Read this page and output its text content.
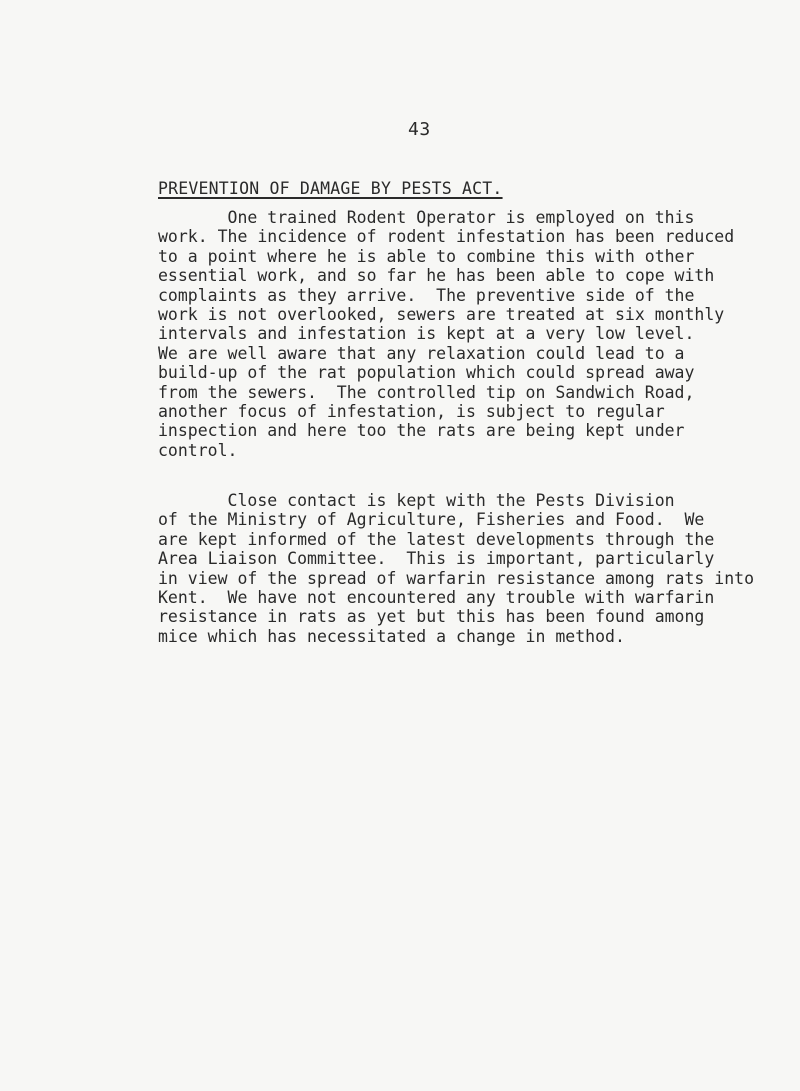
43
PREVENTION OF DAMAGE BY PESTS ACT.

One trained Rodent Operator is employed on this
work. The incidence of rodent infestation has been reduced
to a point where he is able to combine this with other
essential work, and so far he has been able to cope with
complaints as they arrive.  The preventive side of the
work is not overlooked, sewers are treated at six monthly
intervals and infestation is kept at a very low level.
We are well aware that any relaxation could lead to a
build-up of the rat population which could spread away
from the sewers.  The controlled tip on Sandwich Road,
another focus of infestation, is subject to regular
inspection and here too the rats are being kept under
control.

Close contact is kept with the Pests Division
of the Ministry of Agriculture, Fisheries and Food.  We
are kept informed of the latest developments through the
Area Liaison Committee.  This is important, particularly
in view of the spread of warfarin resistance among rats into
Kent.  We have not encountered any trouble with warfarin
resistance in rats as yet but this has been found among
mice which has necessitated a change in method.
